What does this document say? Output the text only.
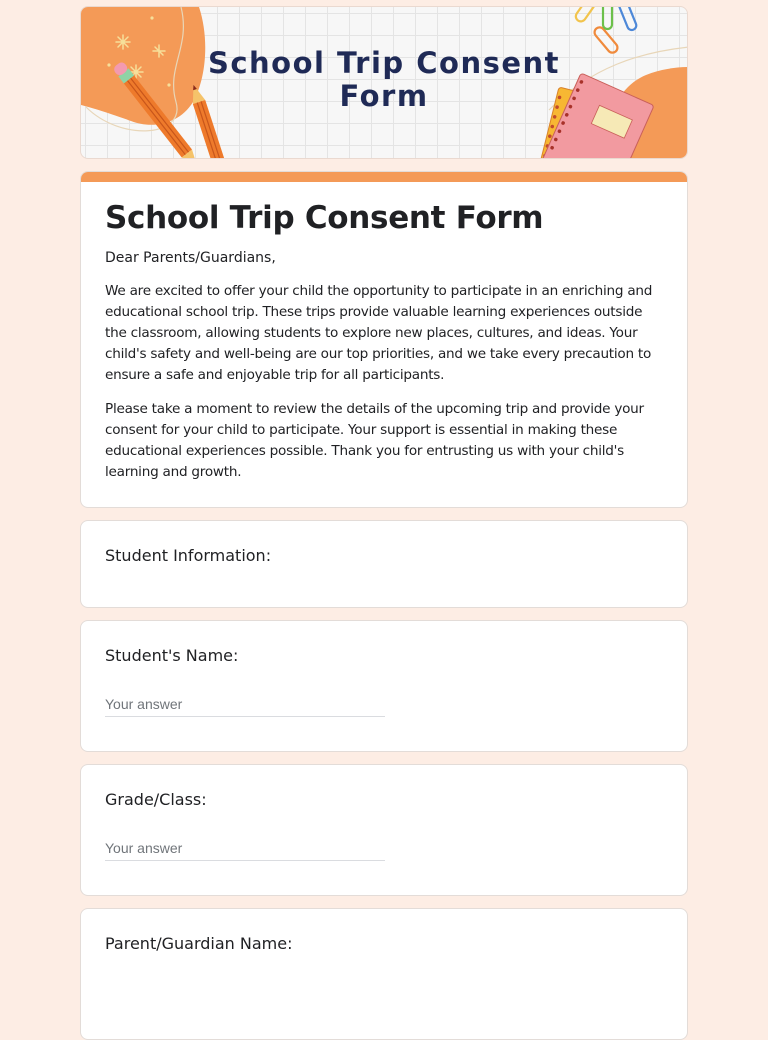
School Trip Consent
Form
School Trip Consent Form

Dear Parents/Guardians,

We are excited to offer your child the opportunity to participate in an enriching and educational school trip. These trips provide valuable learning experiences outside the classroom, allowing students to explore new places, cultures, and ideas. Your child's safety and well-being are our top priorities, and we take every precaution to ensure a safe and enjoyable trip for all participants.

Please take a moment to review the details of the upcoming trip and provide your consent for your child to participate. Your support is essential in making these educational experiences possible. Thank you for entrusting us with your child's learning and growth.

Student Information:
Student's Name:
Your answer
Grade/Class:
Your answer
Parent/Guardian Name:
